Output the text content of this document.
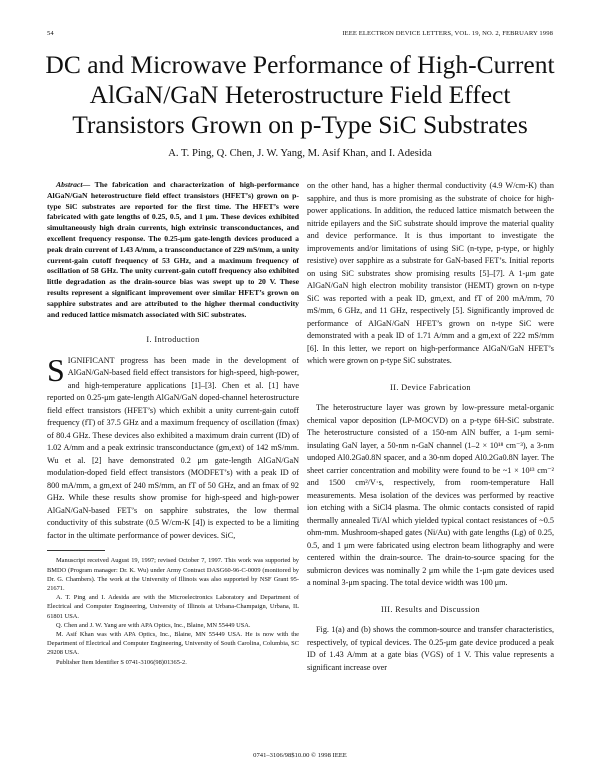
54	IEEE ELECTRON DEVICE LETTERS, VOL. 19, NO. 2, FEBRUARY 1998
DC and Microwave Performance of High-Current AlGaN/GaN Heterostructure Field Effect Transistors Grown on p-Type SiC Substrates
A. T. Ping, Q. Chen, J. W. Yang, M. Asif Khan, and I. Adesida

Abstract— The fabrication and characterization of high-performance AlGaN/GaN heterostructure field effect transistors (HFET’s) grown on p-type SiC substrates are reported for the first time. The HFET’s were fabricated with gate lengths of 0.25, 0.5, and 1 μm. These devices exhibited simultaneously high drain currents, high extrinsic transconductances, and excellent frequency response. The 0.25-μm gate-length devices produced a peak drain current of 1.43 A/mm, a transconductance of 229 mS/mm, a unity current-gain cutoff frequency of 53 GHz, and a maximum frequency of oscillation of 58 GHz. The unity current-gain cutoff frequency also exhibited little degradation as the drain-source bias was swept up to 20 V. These results represent a significant improvement over similar HFET’s grown on sapphire substrates and are attributed to the higher thermal conductivity and reduced lattice mismatch associated with SiC substrates.

I. Introduction

SIGNIFICANT progress has been made in the development of AlGaN/GaN-based field effect transistors for high-speed, high-power, and high-temperature applications [1]–[3]. Chen et al. [1] have reported on 0.25-μm gate-length AlGaN/GaN doped-channel heterostructure field effect transistors (HFET’s) which exhibit a unity current-gain cutoff frequency (fT) of 37.5 GHz and a maximum frequency of oscillation (fmax) of 80.4 GHz. These devices also exhibited a maximum drain current (ID) of 1.02 A/mm and a peak extrinsic transconductance (gm,ext) of 142 mS/mm. Wu et al. [2] have demonstrated 0.2 μm gate-length AlGaN/GaN modulation-doped field effect transistors (MODFET’s) with a peak ID of 800 mA/mm, a gm,ext of 240 mS/mm, an fT of 50 GHz, and an fmax of 92 GHz. While these results show promise for high-speed and high-power AlGaN/GaN-based FET’s on sapphire substrates, the low thermal conductivity of this substrate (0.5 W/cm-K [4]) is expected to be a limiting factor in the ultimate performance of power devices. SiC,

Manuscript received August 19, 1997; revised October 7, 1997. This work was supported by BMDO (Program manager: Dr. K. Wu) under Army Contract DASG60-96-C-0009 (monitored by Dr. G. Chambers). The work at the University of Illinois was also supported by NSF Grant 95-21671.

A. T. Ping and I. Adesida are with the Microelectronics Laboratory and Department of Electrical and Computer Engineering, University of Illinois at Urbana-Champaign, Urbana, IL 61801 USA.

Q. Chen and J. W. Yang are with APA Optics, Inc., Blaine, MN 55449 USA.

M. Asif Khan was with APA Optics, Inc., Blaine, MN 55449 USA. He is now with the Department of Electrical and Computer Engineering, University of South Carolina, Columbia, SC 29208 USA.

Publisher Item Identifier S 0741-3106(98)01365-2.

on the other hand, has a higher thermal conductivity (4.9 W/cm-K) than sapphire, and thus is more promising as the substrate of choice for high-power applications. In addition, the reduced lattice mismatch between the nitride epilayers and the SiC substrate should improve the material quality and device performance. It is thus important to investigate the improvements and/or limitations of using SiC (n-type, p-type, or highly resistive) over sapphire as a substrate for GaN-based FET’s. Initial reports on using SiC substrates show promising results [5]–[7]. A 1-μm gate AlGaN/GaN high electron mobility transistor (HEMT) grown on n-type SiC was reported with a peak ID, gm,ext, and fT of 200 mA/mm, 70 mS/mm, 6 GHz, and 11 GHz, respectively [5]. Significantly improved dc performance of AlGaN/GaN HFET’s grown on n-type SiC were demonstrated with a peak ID of 1.71 A/mm and a gm,ext of 222 mS/mm [6]. In this letter, we report on high-performance AlGaN/GaN HFET’s which were grown on p-type SiC substrates.

II. Device Fabrication

The heterostructure layer was grown by low-pressure metal-organic chemical vapor deposition (LP-MOCVD) on a p-type 6H-SiC substrate. The heterostructure consisted of a 150-nm AlN buffer, a 1-μm semi-insulating GaN layer, a 50-nm n-GaN channel (1–2 × 10¹⁸ cm⁻³), a 3-nm undoped Al0.2Ga0.8N spacer, and a 30-nm doped Al0.2Ga0.8N layer. The sheet carrier concentration and mobility were found to be ~1 × 10¹³ cm⁻² and 1500 cm²/V·s, respectively, from room-temperature Hall measurements. Mesa isolation of the devices was performed by reactive ion etching with a SiCl4 plasma. The ohmic contacts consisted of rapid thermally annealed Ti/Al which yielded typical contact resistances of ~0.5 ohm-mm. Mushroom-shaped gates (Ni/Au) with gate lengths (Lg) of 0.25, 0.5, and 1 μm were fabricated using electron beam lithography and were centered within the drain-source. The drain-to-source spacing for the submicron devices was nominally 2 μm while the 1-μm gate devices used a nominal 3-μm spacing. The total device width was 100 μm.

III. Results and Discussion

Fig. 1(a) and (b) shows the common-source and transfer characteristics, respectively, of typical devices. The 0.25-μm gate device produced a peak ID of 1.43 A/mm at a gate bias (VGS) of 1 V. This value represents a significant increase over

0741–3106/98$10.00 © 1998 IEEE
